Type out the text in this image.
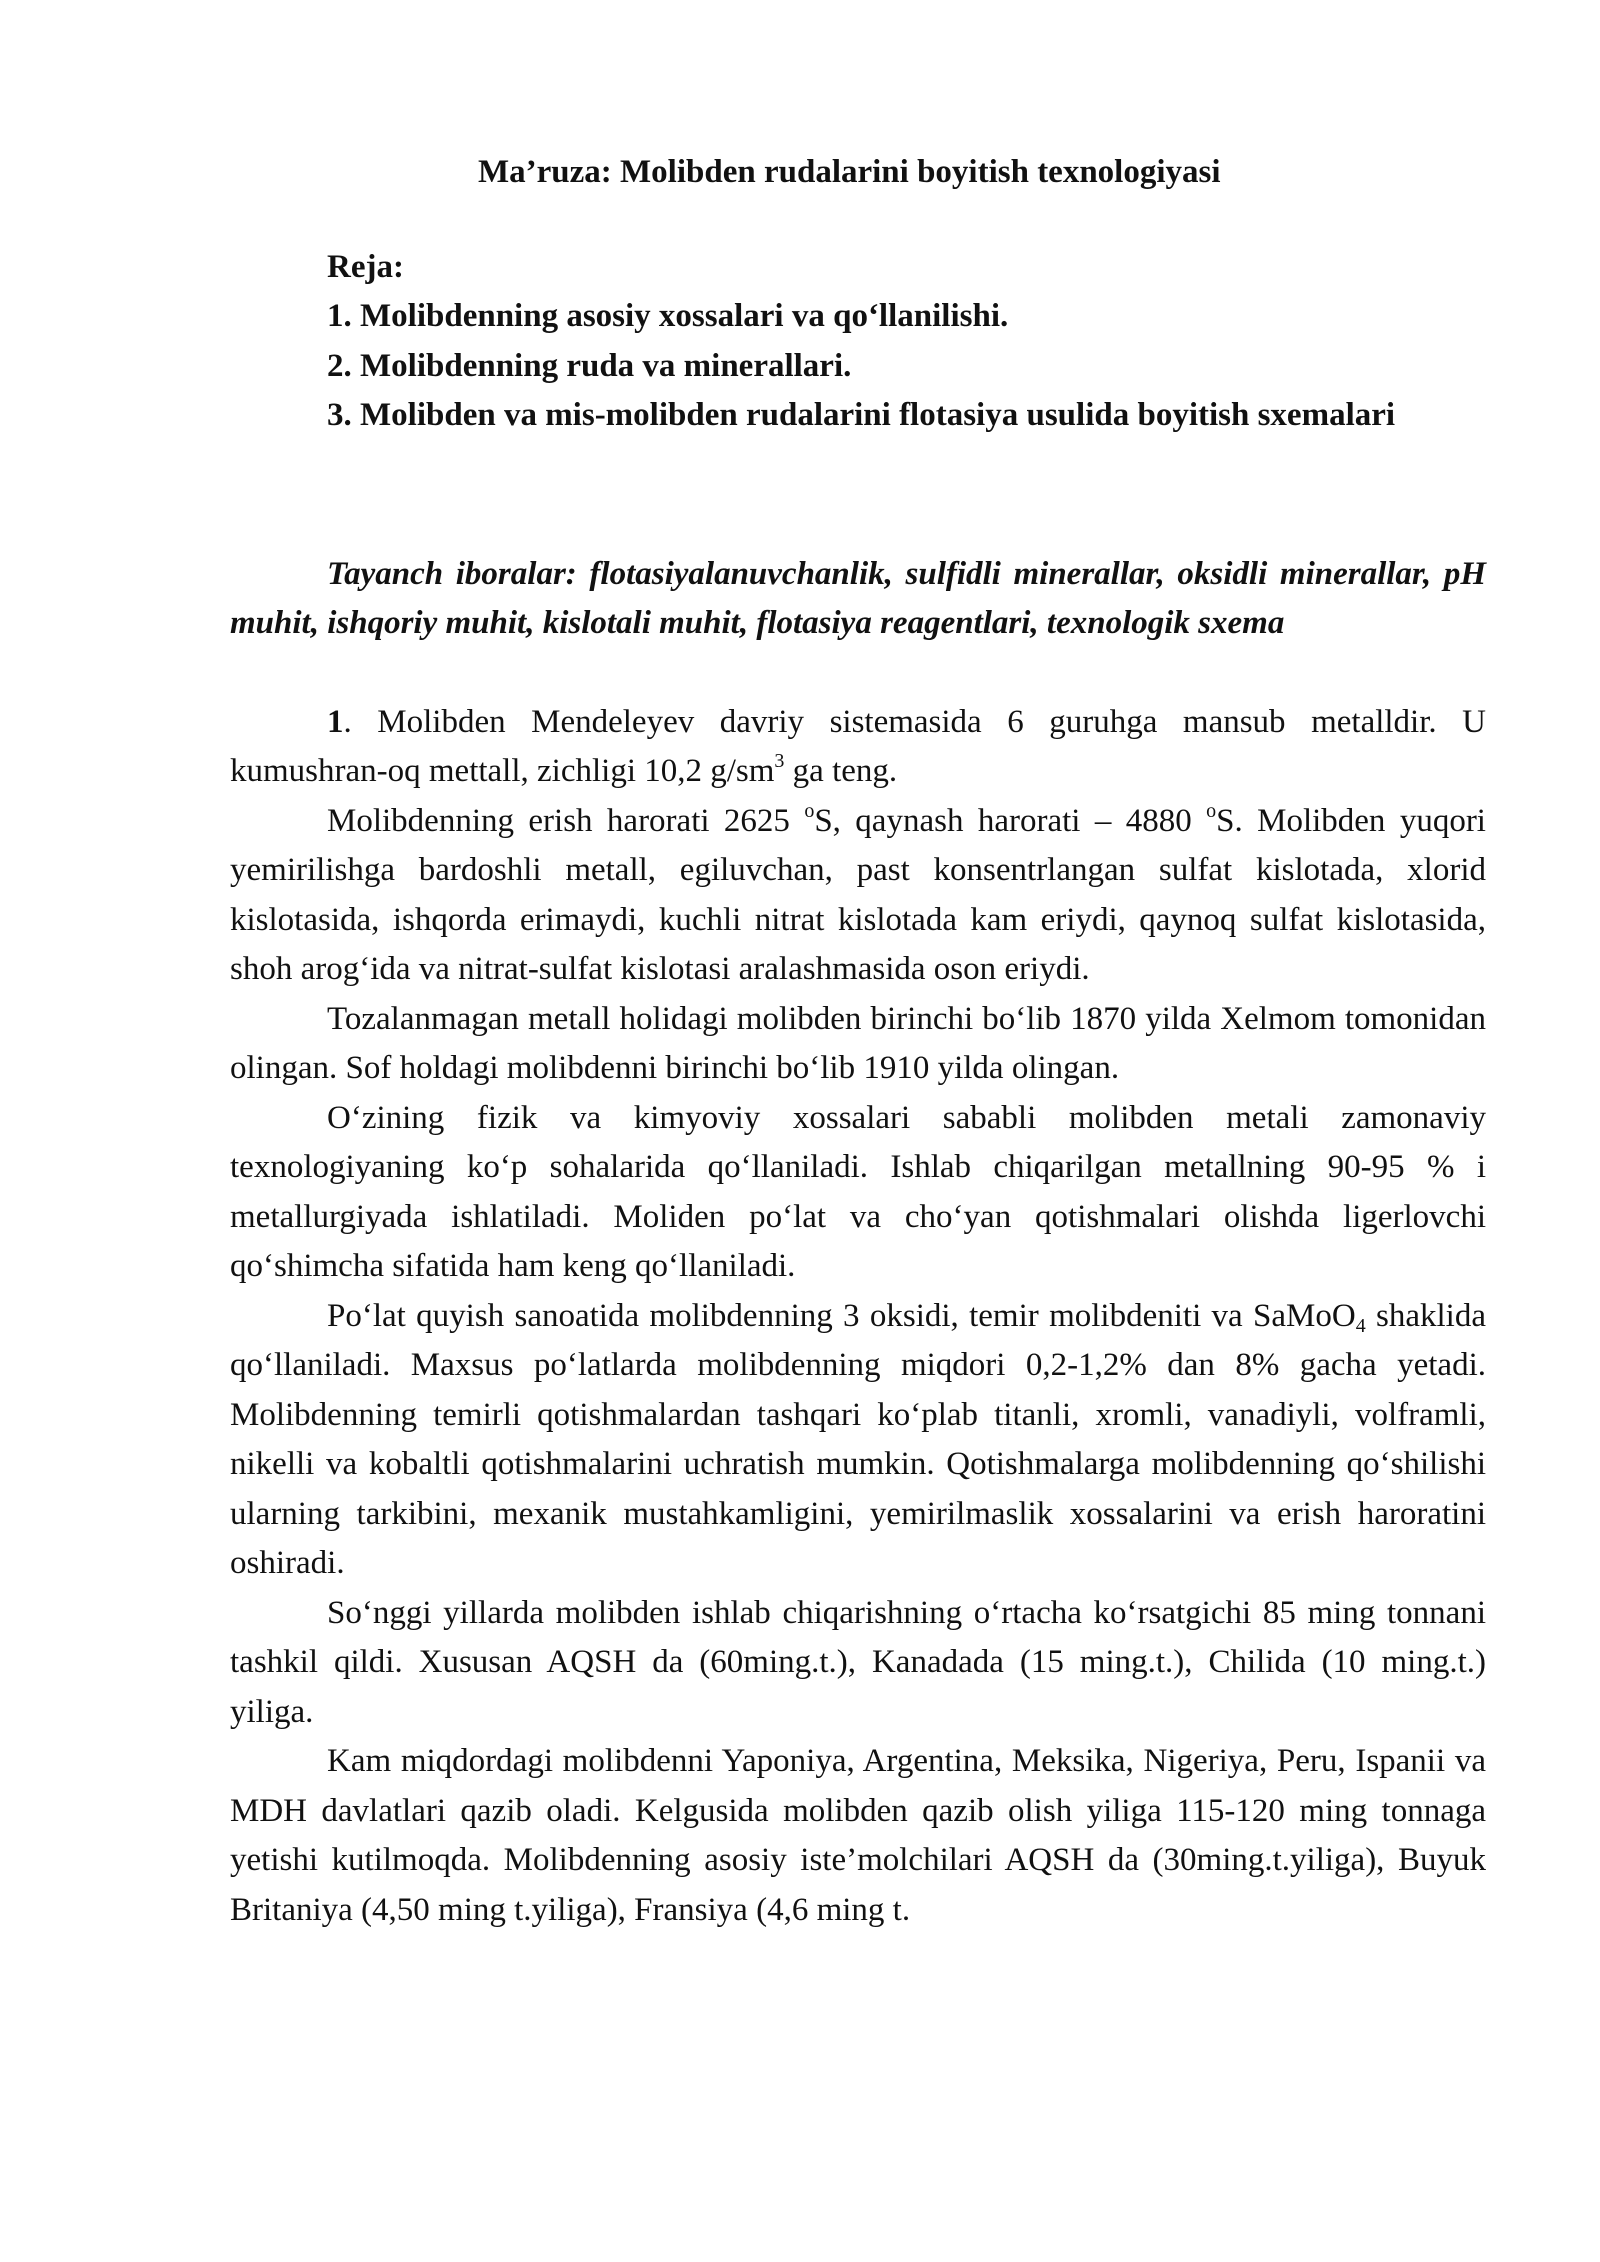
Ma’ruza: Molibden rudalarini boyitish texnologiyasi

Reja:

1. Molibdenning asosiy xossalari va qo‘llanilishi.

2. Molibdenning ruda va minerallari.

3. Molibden va mis-molibden rudalarini flotasiya usulida boyitish sxemalari

Tayanch iboralar: flotasiyalanuvchanlik, sulfidli minerallar, oksidli minerallar, pH muhit, ishqoriy muhit, kislotali muhit, flotasiya reagentlari, texnologik sxema

1. Molibden Mendeleyev davriy sistemasida 6 guruhga mansub metalldir. U kumushran-oq mettall, zichligi 10,2 $g/sm^3$ ga teng.

Molibdenning erish harorati 2625 $^o$S, qaynash harorati – 4880 $^o$S. Molibden yuqori yemirilishga bardoshli metall, egiluvchan, past konsentrlangan sulfat kislotada, xlorid kislotasida, ishqorda erimaydi, kuchli nitrat kislotada kam eriydi, qaynoq sulfat kislotasida, shoh arog‘ida va nitrat-sulfat kislotasi aralashmasida oson eriydi.

Tozalanmagan metall holidagi molibden birinchi bo‘lib 1870 yilda Xelmom tomonidan olingan. Sof holdagi molibdenni birinchi bo‘lib 1910 yilda olingan.

O‘zining fizik va kimyoviy xossalari sababli molibden metali zamonaviy texnologiyaning ko‘p sohalarida qo‘llaniladi. Ishlab chiqarilgan metallning 90-95 % i metallurgiyada ishlatiladi. Moliden po‘lat va cho‘yan qotishmalari olishda ligerlovchi qo‘shimcha sifatida ham keng qo‘llaniladi.

Po‘lat quyish sanoatida molibdenning 3 oksidi, temir molibdeniti va SaMoO$_4$ shaklida qo‘llaniladi. Maxsus po‘latlarda molibdenning miqdori 0,2-1,2% dan 8% gacha yetadi. Molibdenning temirli qotishmalardan tashqari ko‘plab titanli, xromli, vanadiyli, volframli, nikelli va kobaltli qotishmalarini uchratish mumkin. Qotishmalarga molibdenning qo‘shilishi ularning tarkibini, mexanik mustahkamligini, yemirilmaslik xossalarini va erish haroratini oshiradi.

So‘nggi yillarda molibden ishlab chiqarishning o‘rtacha ko‘rsatgichi 85 ming tonnani tashkil qildi. Xususan AQSH da (60ming.t.), Kanadada (15 ming.t.), Chilida (10 ming.t.) yiliga.

Kam miqdordagi molibdenni Yaponiya, Argentina, Meksika, Nigeriya, Peru, Ispanii va MDH davlatlari qazib oladi. Kelgusida molibden qazib olish yiliga 115-120 ming tonnaga yetishi kutilmoqda. Molibdenning asosiy iste’molchilari AQSH da (30ming.t.yiliga), Buyuk Britaniya (4,50 ming t.yiliga), Fransiya (4,6 ming t.
